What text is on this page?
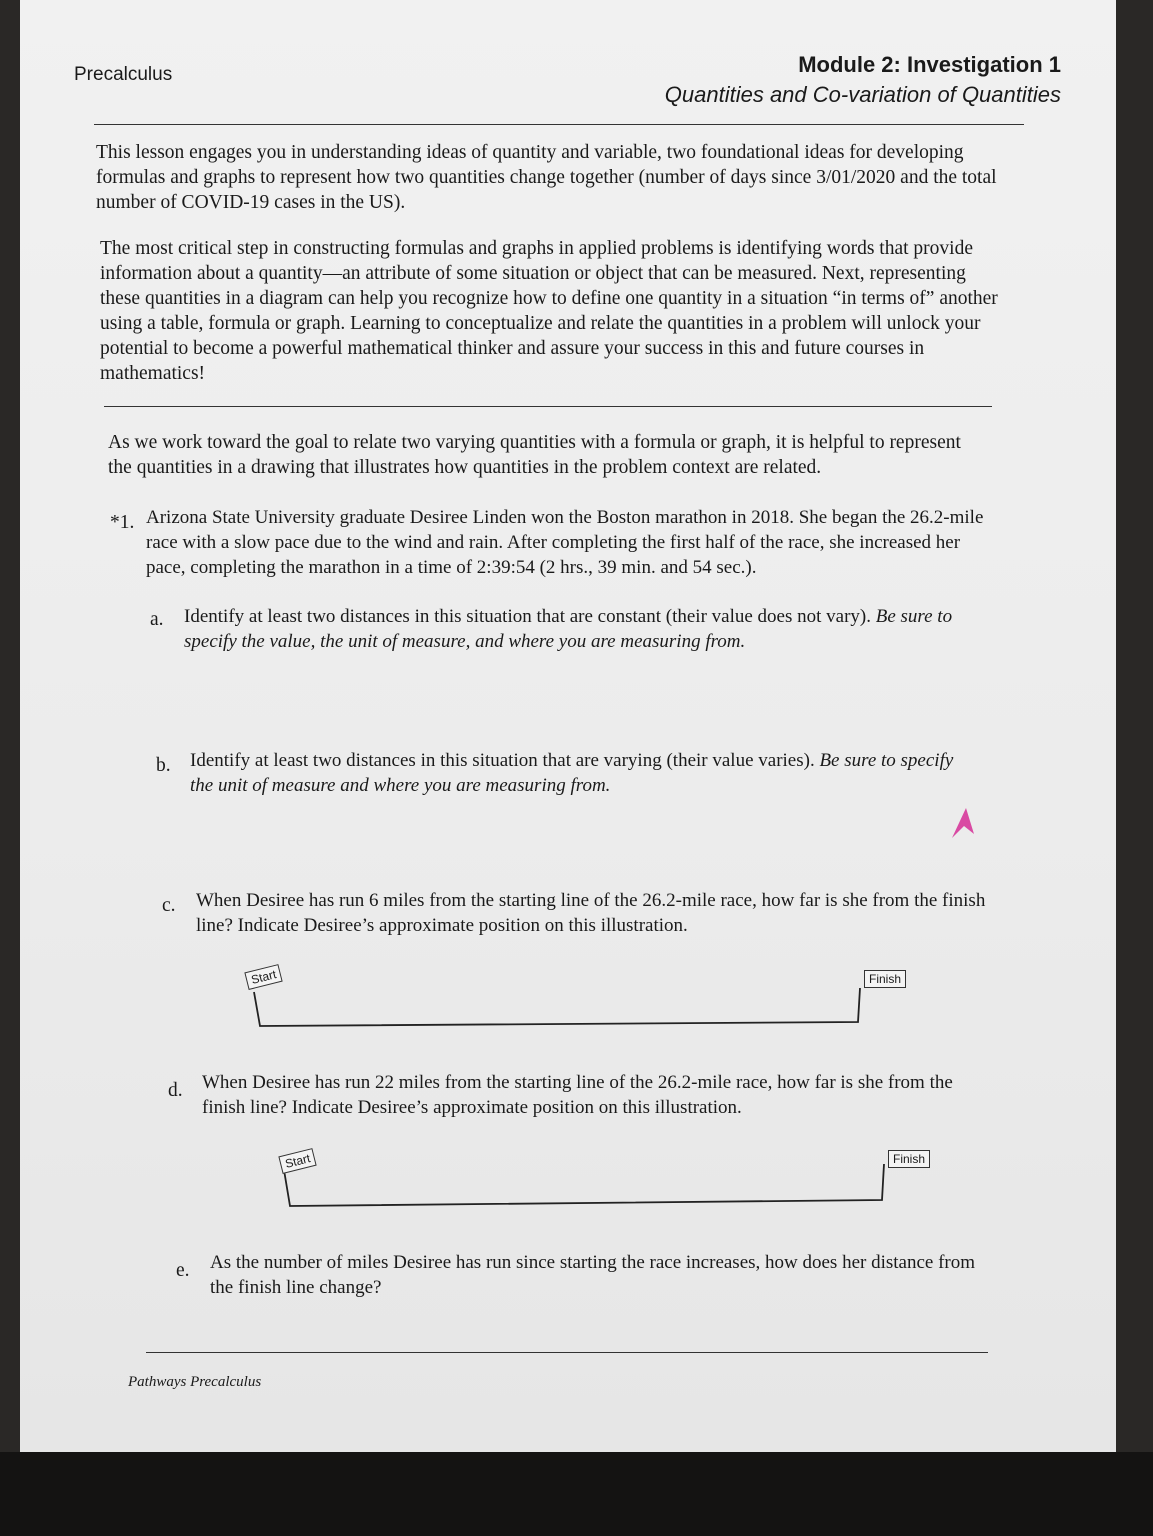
Precalculus	Module 2: Investigation 1
Quantities and Co-variation of Quantities
This lesson engages you in understanding ideas of quantity and variable, two foundational ideas for developing formulas and graphs to represent how two quantities change together (number of days since 3/01/2020 and the total number of COVID-19 cases in the US).
The most critical step in constructing formulas and graphs in applied problems is identifying words that provide information about a quantity—an attribute of some situation or object that can be measured. Next, representing these quantities in a diagram can help you recognize how to define one quantity in a situation “in terms of” another using a table, formula or graph. Learning to conceptualize and relate the quantities in a problem will unlock your potential to become a powerful mathematical thinker and assure your success in this and future courses in mathematics!
As we work toward the goal to relate two varying quantities with a formula or graph, it is helpful to represent the quantities in a drawing that illustrates how quantities in the problem context are related.
*1. Arizona State University graduate Desiree Linden won the Boston marathon in 2018. She began the 26.2-mile race with a slow pace due to the wind and rain. After completing the first half of the race, she increased her pace, completing the marathon in a time of 2:39:54 (2 hrs., 39 min. and 54 sec.).
a. Identify at least two distances in this situation that are constant (their value does not vary). Be sure to specify the value, the unit of measure, and where you are measuring from.
b. Identify at least two distances in this situation that are varying (their value varies). Be sure to specify the unit of measure and where you are measuring from.
c. When Desiree has run 6 miles from the starting line of the 26.2-mile race, how far is she from the finish line? Indicate Desiree’s approximate position on this illustration.
Start	Finish
d. When Desiree has run 22 miles from the starting line of the 26.2-mile race, how far is she from the finish line? Indicate Desiree’s approximate position on this illustration.
Start	Finish
e. As the number of miles Desiree has run since starting the race increases, how does her distance from the finish line change?
Pathways Precalculus
